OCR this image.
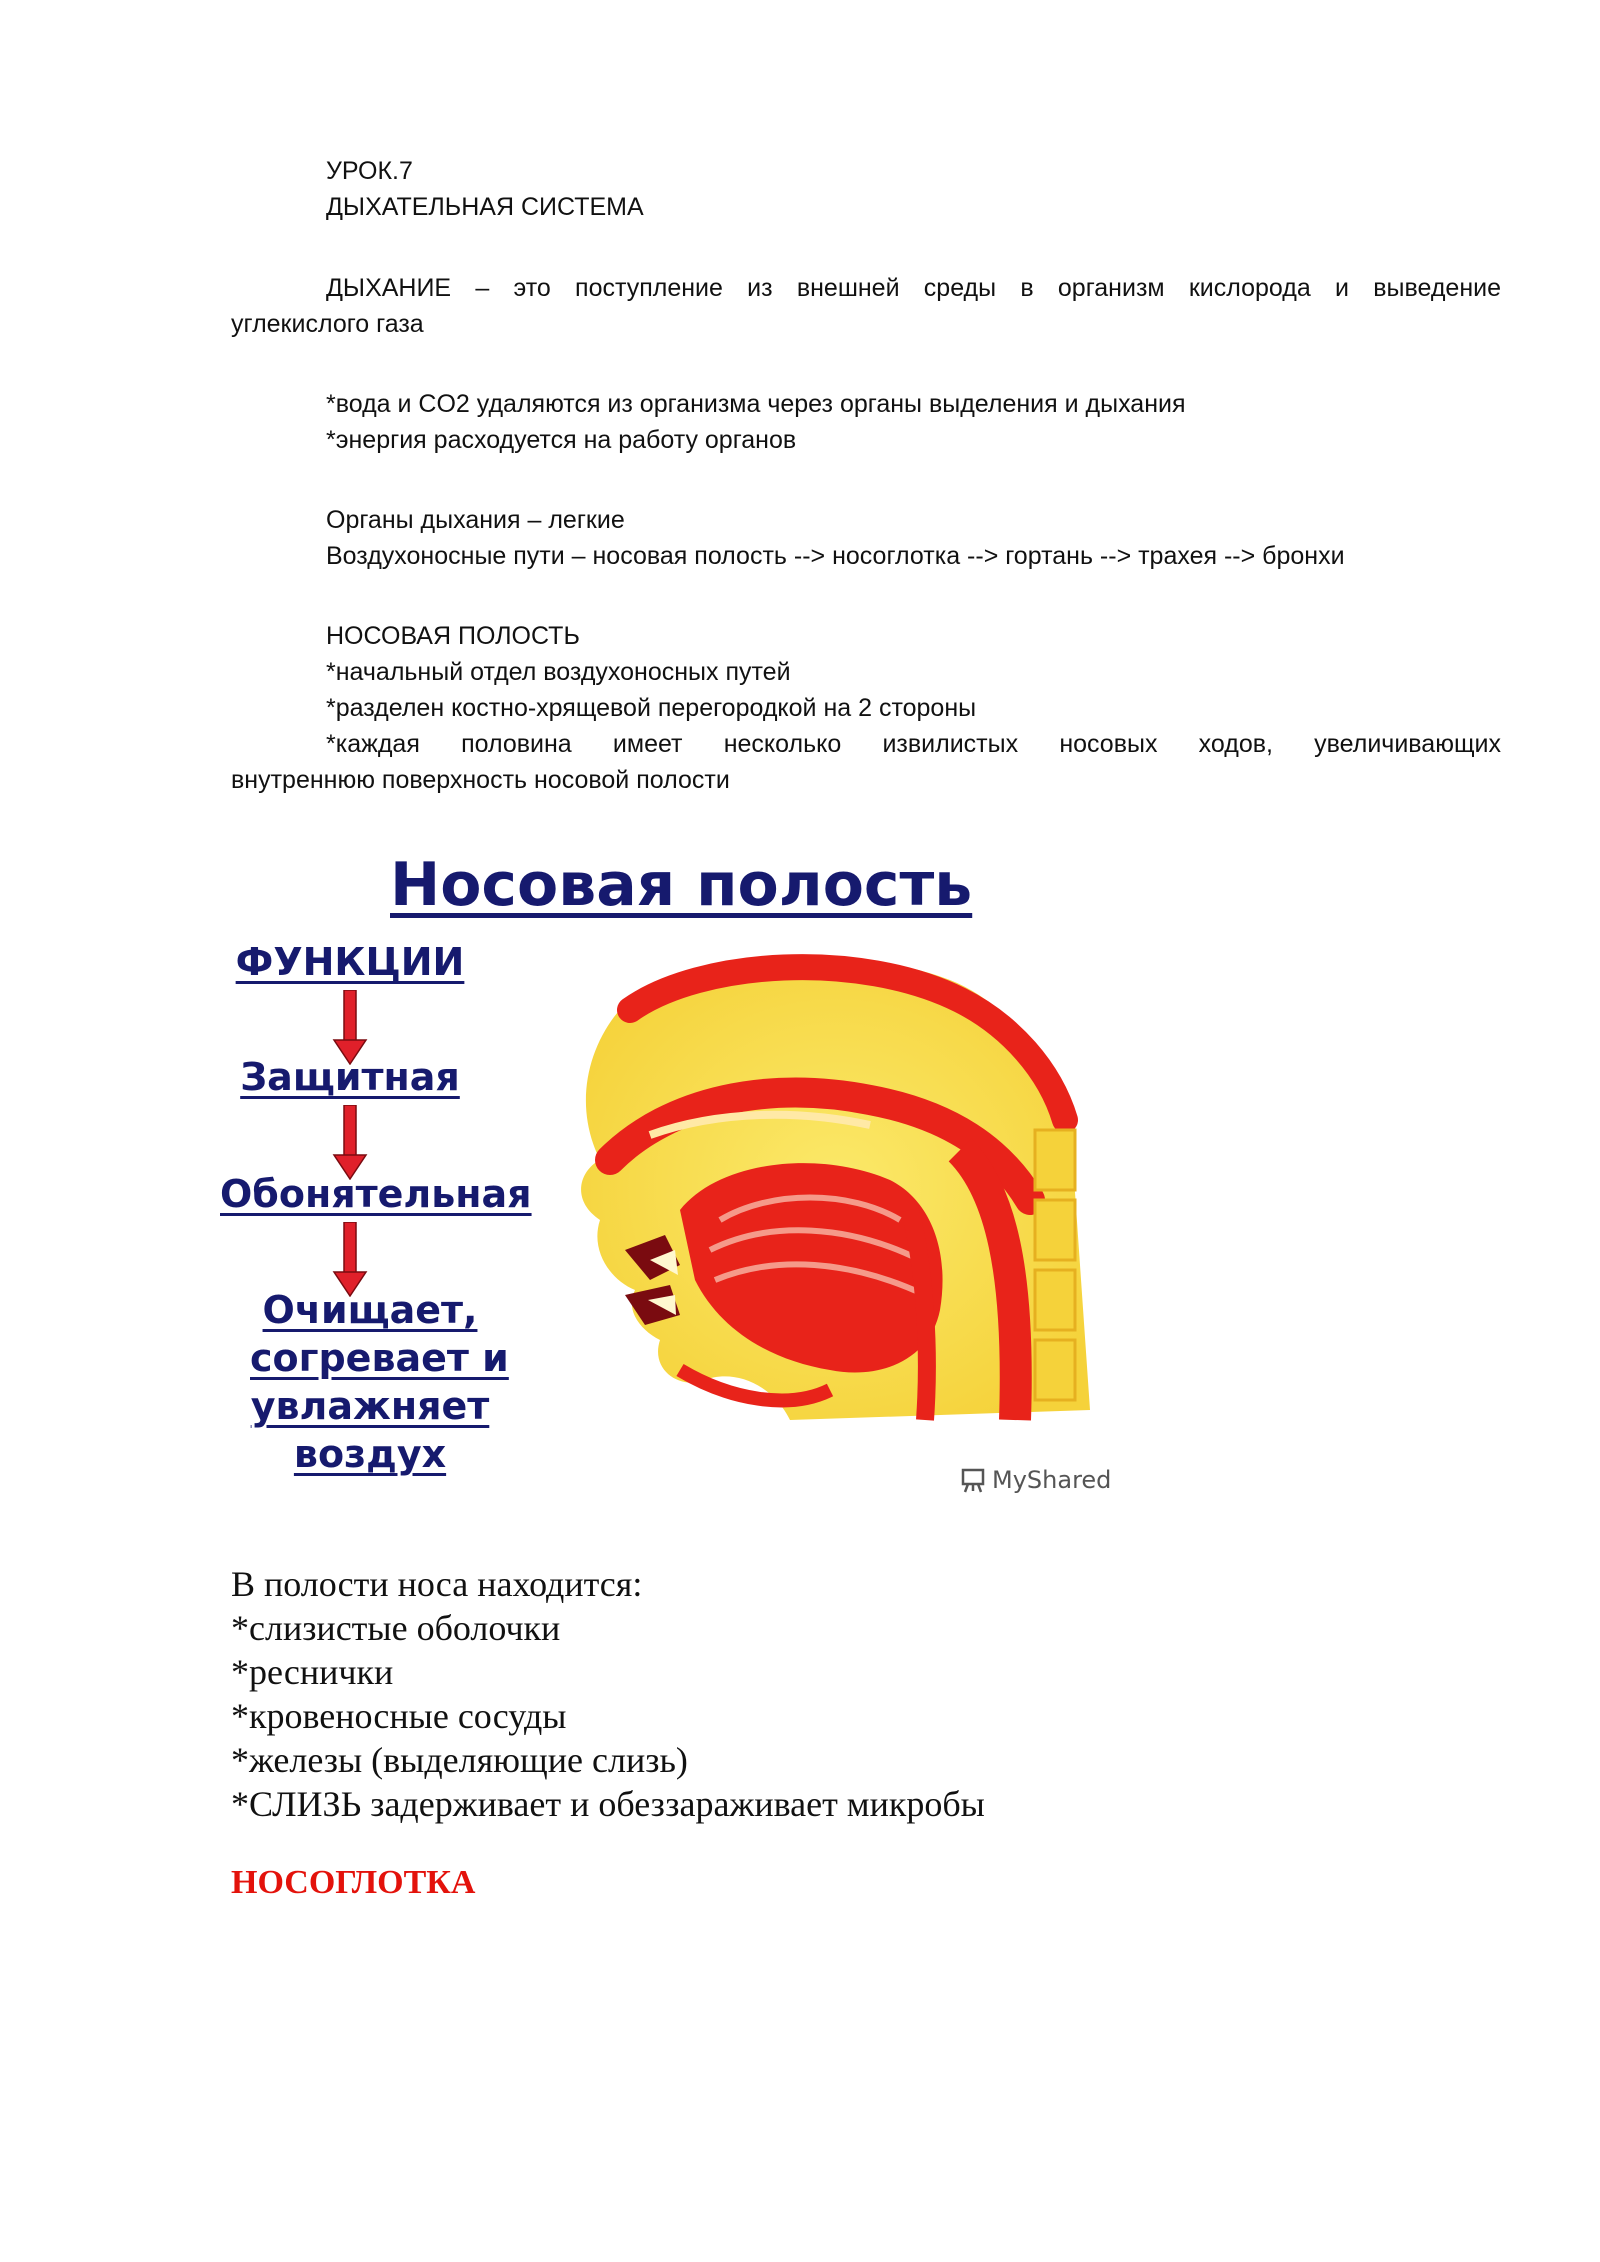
УРОК.7
ДЫХАТЕЛЬНАЯ СИСТЕМА
ДЫХАНИЕ – это поступление из внешней среды в организм кислорода и выведение
углекислого газа
*вода и CO2 удаляются из организма через органы выделения и дыхания
*энергия расходуется на работу органов
Органы дыхания – легкие
Воздухоносные пути – носовая полость --> носоглотка --> гортань --> трахея --> бронхи
НОСОВАЯ ПОЛОСТЬ
*начальный отдел воздухоносных путей
*разделен костно-хрящевой перегородкой на 2 стороны
*каждая половина имеет несколько извилистых носовых ходов, увеличивающих
внутреннюю поверхность носовой полости
Носовая полость
ФУНКЦИИ
Защитная
Обонятельная
Очищает,
согревает и
увлажняет
воздух
MyShared
В полости носа находится:
*слизистые оболочки
*реснички
*кровеносные сосуды
*железы (выделяющие слизь)
*СЛИЗЬ задерживает и обеззараживает микробы
НОСОГЛОТКА
